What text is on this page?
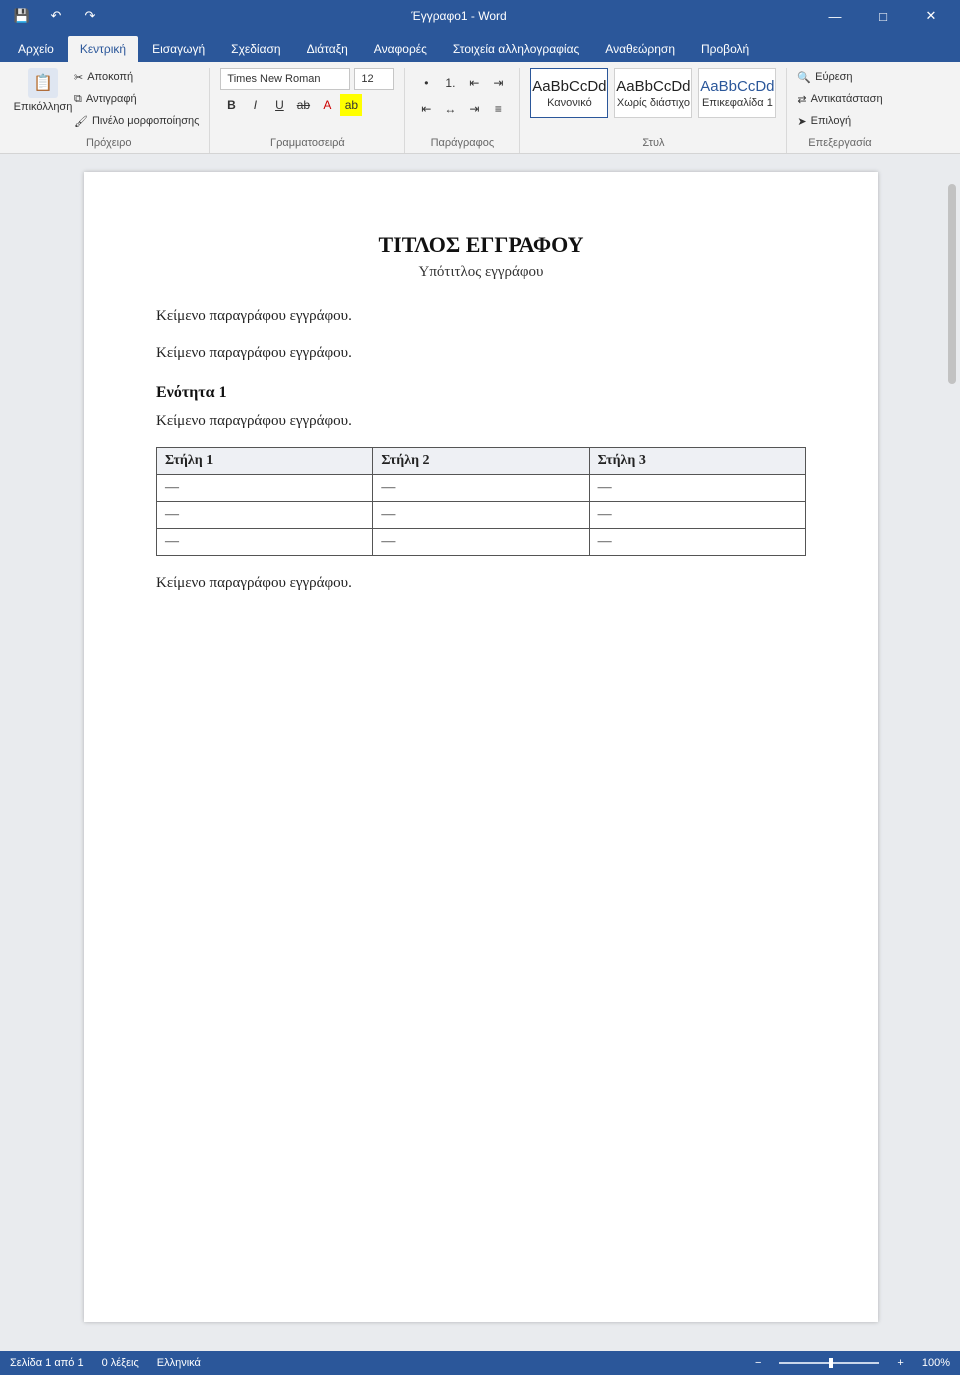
💾	↶	↷	Έγγραφο1 - Word	—	□	✕
Αρχείο	Κεντρική	Εισαγωγή	Σχεδίαση	Διάταξη	Αναφορές	Στοιχεία αλληλογραφίας	Αναθεώρηση	Προβολή
📋
Επικόλληση
✂ Αποκοπή
⧉ Αντιγραφή
🖌 Πινέλο μορφοποίησης
Πρόχειρο
Times New Roman	12
B	I	U	ab	A	ab
Γραμματοσειρά
•	1.	⇤	⇥
⇤	↔	⇥	≡
Παράγραφος
AaBbCcDd
Κανονικό
AaBbCcDd
Χωρίς διάστιχο
AaBbCcDd
Επικεφαλίδα 1
Στυλ
🔍 Εύρεση
⇄ Αντικατάσταση
➤ Επιλογή
Επεξεργασία
ΤΙΤΛΟΣ ΕΓΓΡΑΦΟΥ
Υπότιτλος εγγράφου

Κείμενο παραγράφου εγγράφου.

Κείμενο παραγράφου εγγράφου.

Ενότητα 1

Κείμενο παραγράφου εγγράφου.

Στήλη 1	Στήλη 2	Στήλη 3
—	—	—
—	—	—
—	—	—

Κείμενο παραγράφου εγγράφου.

Σελίδα 1 από 1 0 λέξεις Ελληνικά	−	+ 100%
